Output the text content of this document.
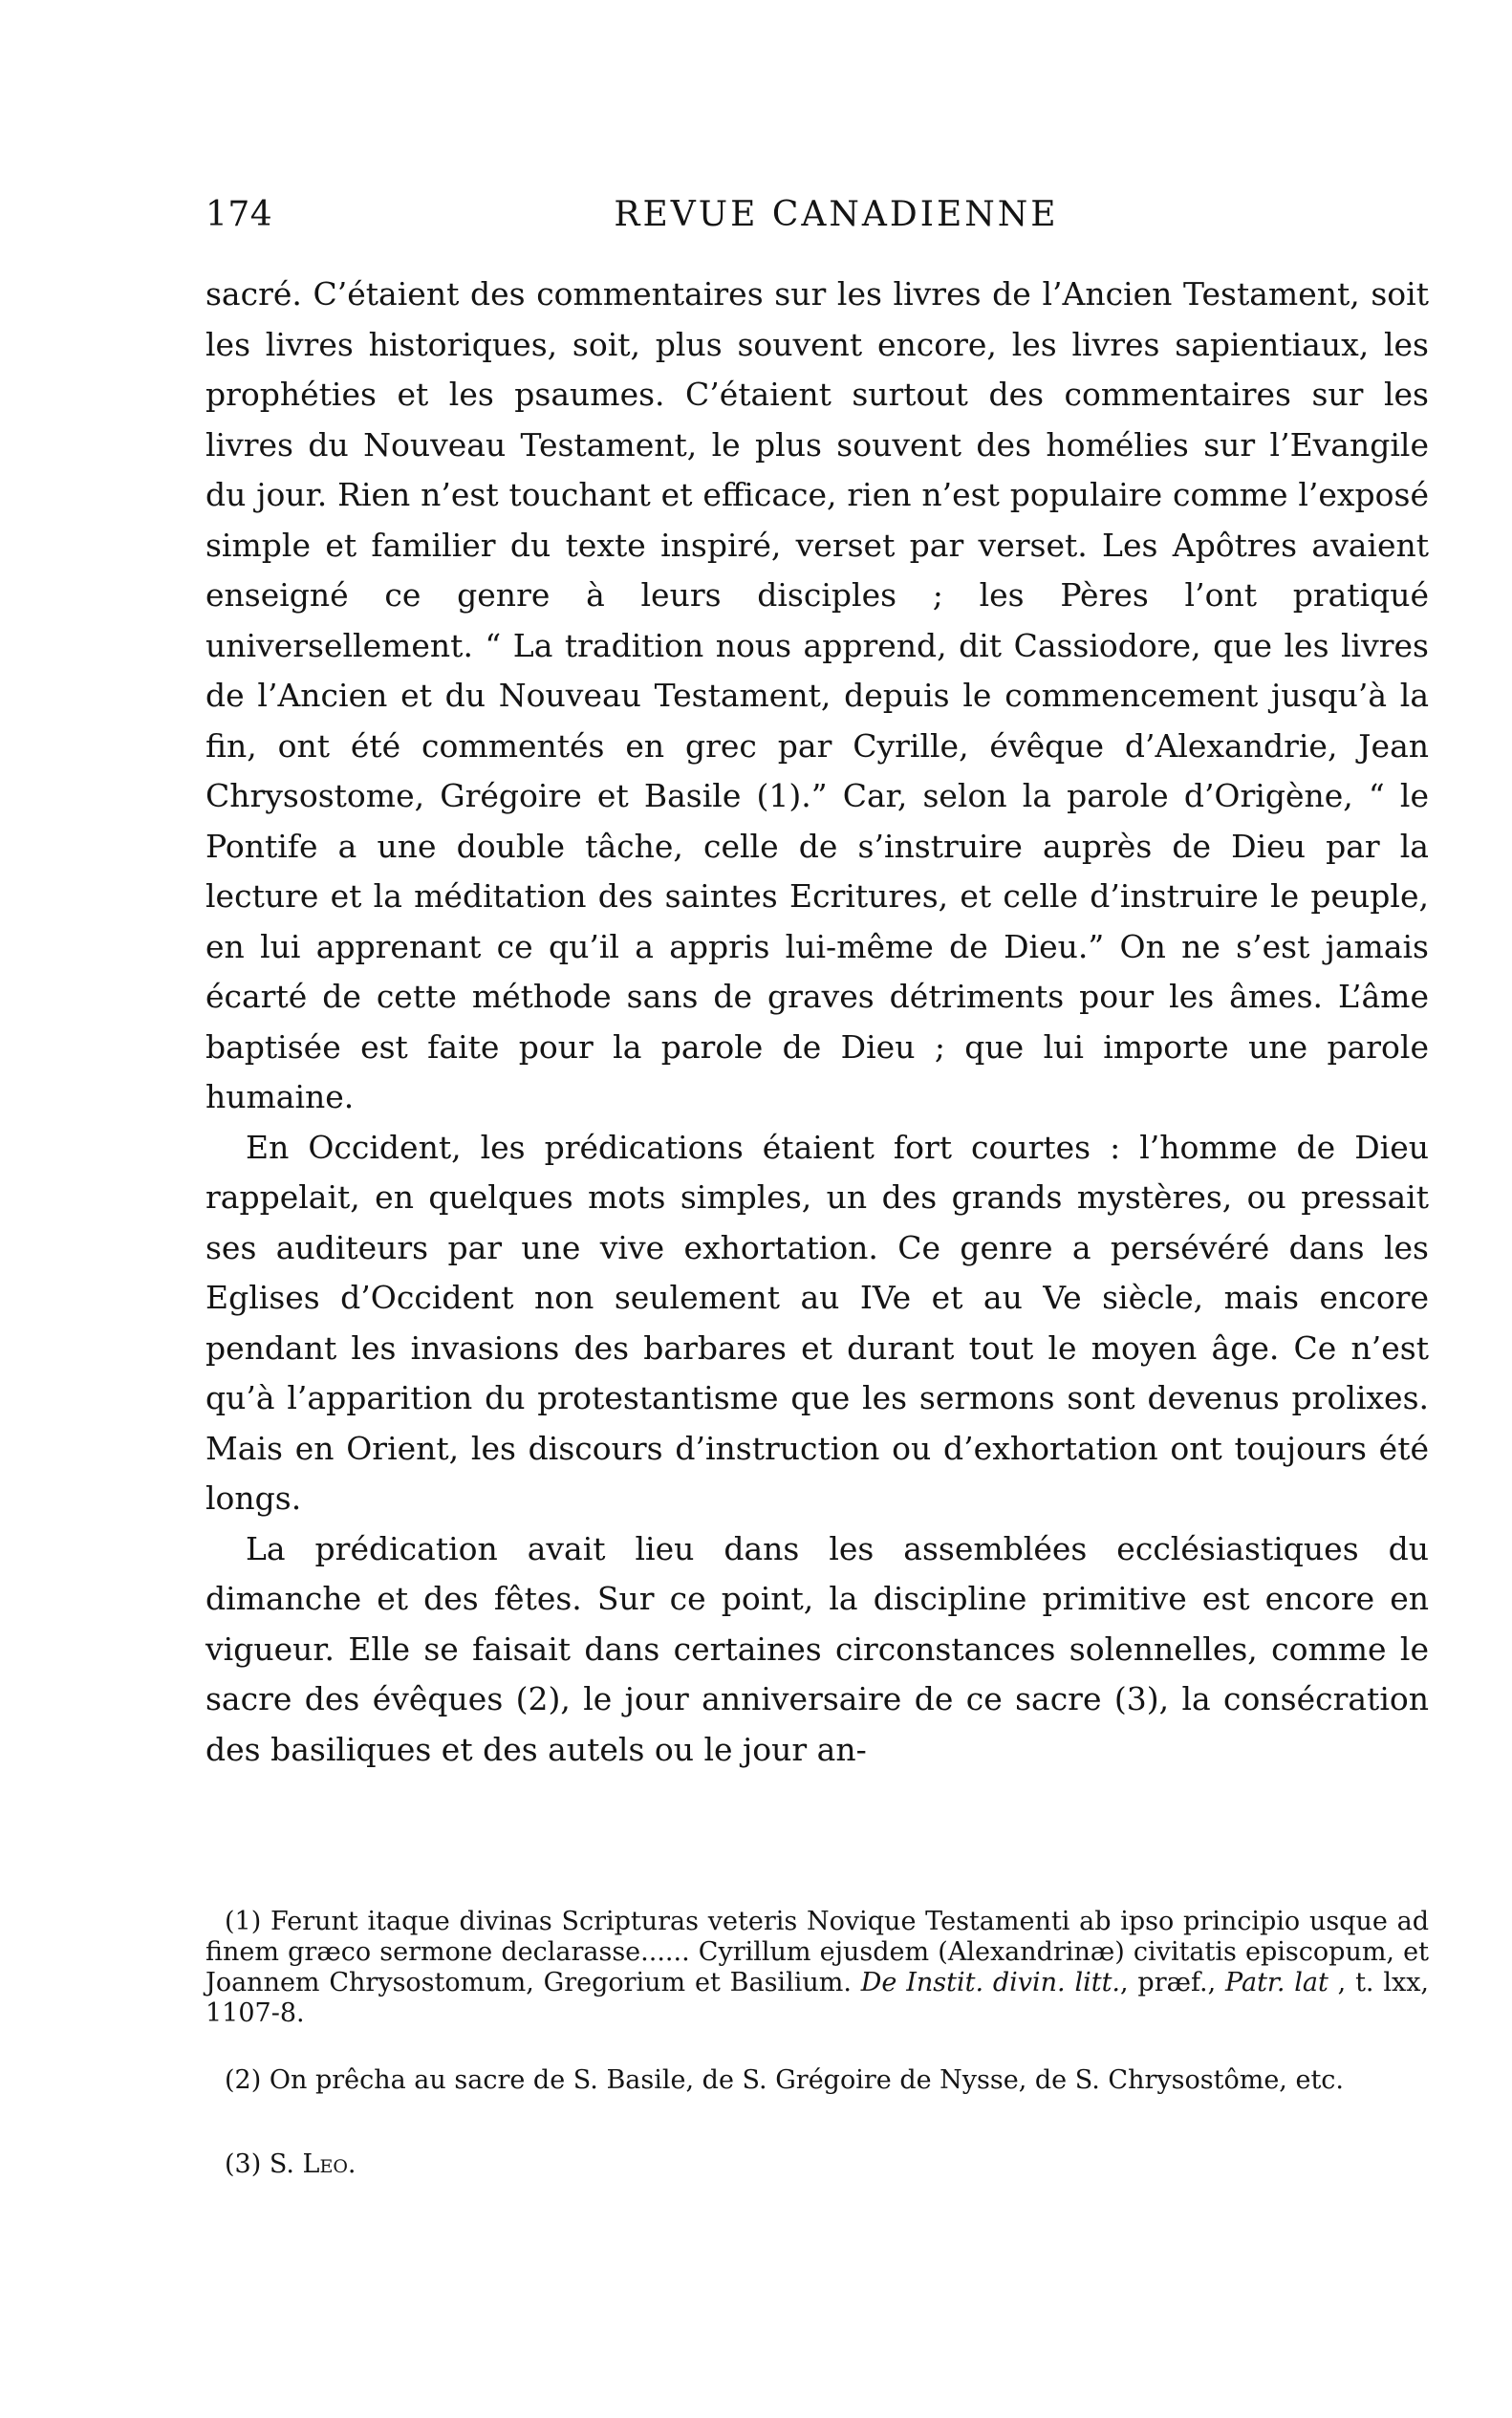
174	REVUE CANADIENNE

sacré. C’étaient des commentaires sur les livres de l’Ancien Testament, soit les livres historiques, soit, plus souvent encore, les livres sapientiaux, les prophéties et les psaumes. C’étaient surtout des commentaires sur les livres du Nouveau Testament, le plus souvent des homélies sur l’Evangile du jour. Rien n’est touchant et efficace, rien n’est populaire comme l’exposé simple et familier du texte inspiré, verset par verset. Les Apôtres avaient enseigné ce genre à leurs disciples ; les Pères l’ont pratiqué universellement. “ La tradition nous apprend, dit Cassiodore, que les livres de l’Ancien et du Nouveau Testament, depuis le commencement jusqu’à la fin, ont été commentés en grec par Cyrille, évêque d’Alexandrie, Jean Chrysostome, Grégoire et Basile (1).” Car, selon la parole d’Origène, “ le Pontife a une double tâche, celle de s’instruire auprès de Dieu par la lecture et la méditation des saintes Ecritures, et celle d’instruire le peuple, en lui apprenant ce qu’il a appris lui-même de Dieu.” On ne s’est jamais écarté de cette méthode sans de graves détriments pour les âmes. L’âme baptisée est faite pour la parole de Dieu ; que lui importe une parole humaine.

En Occident, les prédications étaient fort courtes : l’homme de Dieu rappelait, en quelques mots simples, un des grands mystères, ou pressait ses auditeurs par une vive exhortation. Ce genre a persévéré dans les Eglises d’Occident non seulement au IVe et au Ve siècle, mais encore pendant les invasions des barbares et durant tout le moyen âge. Ce n’est qu’à l’apparition du protestantisme que les sermons sont devenus prolixes. Mais en Orient, les discours d’instruction ou d’exhortation ont toujours été longs.

La prédication avait lieu dans les assemblées ecclésiastiques du dimanche et des fêtes. Sur ce point, la discipline primitive est encore en vigueur. Elle se faisait dans certaines circonstances solennelles, comme le sacre des évêques (2), le jour anniversaire de ce sacre (3), la consécration des basiliques et des autels ou le jour an-

(1) Ferunt itaque divinas Scripturas veteris Novique Testamenti ab ipso principio usque ad finem græco sermone declarasse...... Cyrillum ejusdem (Alexandrinæ) civitatis episcopum, et Joannem Chrysostomum, Gregorium et Basilium. De Instit. divin. litt., præf., Patr. lat , t. lxx, 1107-8.

(2) On prêcha au sacre de S. Basile, de S. Grégoire de Nysse, de S. Chrysostôme, etc.

(3) S. Leo.
